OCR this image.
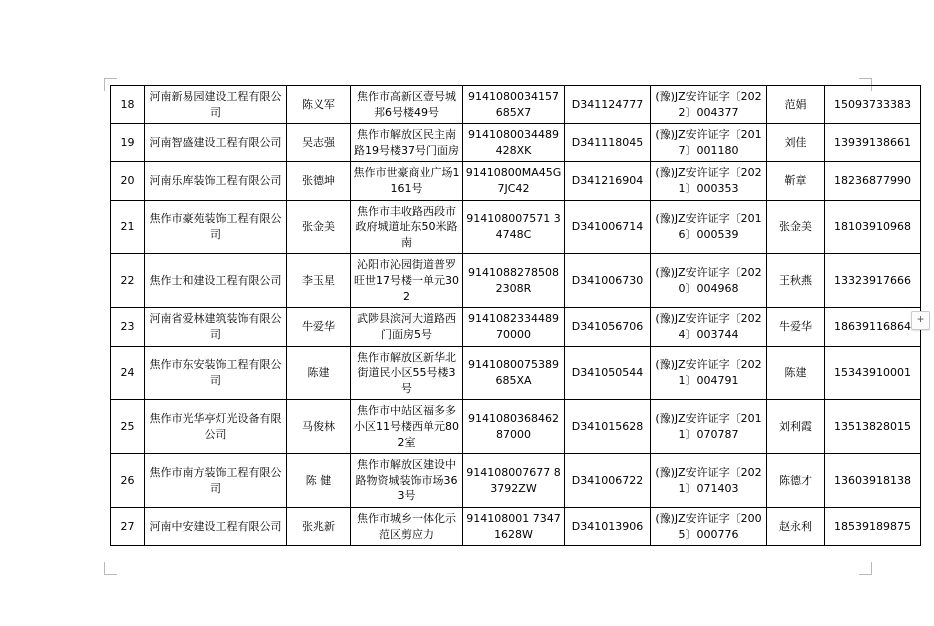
18	河南新易园建设工程有限公司	陈义军	焦作市高新区壹号城邦6号楼49号	9141080034157685X7	D341124777	(豫)JZ安许证字〔2022〕004377	范娟	15093733383
19	河南智盛建设工程有限公司	吴志强	焦作市解放区民主南路19号楼37号门面房	9141080034489428XK	D341118045	(豫)JZ安许证字〔2017〕001180	刘佳	13939138661
20	河南乐库装饰工程有限公司	张德坤	焦作市世豪商业广场1161号	91410800MA45G7JC42	D341216904	(豫)JZ安许证字〔2021〕000353	靳章	18236877990
21	焦作市豪苑装饰工程有限公司	张金美	焦作市丰收路西段市政府城道址东50米路南	914108007571 34748C	D341006714	(豫)JZ安许证字〔2016〕000539	张金美	18103910968
22	焦作士和建设工程有限公司	李玉星	沁阳市沁园街道普罗旺世17号楼一单元302	91410882785082308R	D341006730	(豫)JZ安许证字〔2020〕004968	王秋燕	13323917666
23	河南省爱林建筑装饰有限公司	牛爱华	武陟县滨河大道路西门面房5号	914108233448970000	D341056706	(豫)JZ安许证字〔2024〕003744	牛爱华	18639116864
24	焦作市东安装饰工程有限公司	陈建	焦作市解放区新华北街道民小区55号楼3号	9141080075389685XA	D341050544	(豫)JZ安许证字〔2021〕004791	陈建	15343910001
25	焦作市光华亭灯光设备有限公司	马俊林	焦作市中站区福多多小区11号楼西单元802室	914108036846287000	D341015628	(豫)JZ安许证字〔2011〕070787	刘利霞	13513828015
26	焦作市南方装饰工程有限公司	陈 健	焦作市解放区建设中路物资城装饰市场363号	914108007677 83792ZW	D341006722	(豫)JZ安许证字〔2021〕071403	陈德才	13603918138
27	河南中安建设工程有限公司	张兆新	焦作市城乡一体化示范区剪应力	914108001 73471628W	D341013906	(豫)JZ安许证字〔2005〕000776	赵永利	18539189875
+
